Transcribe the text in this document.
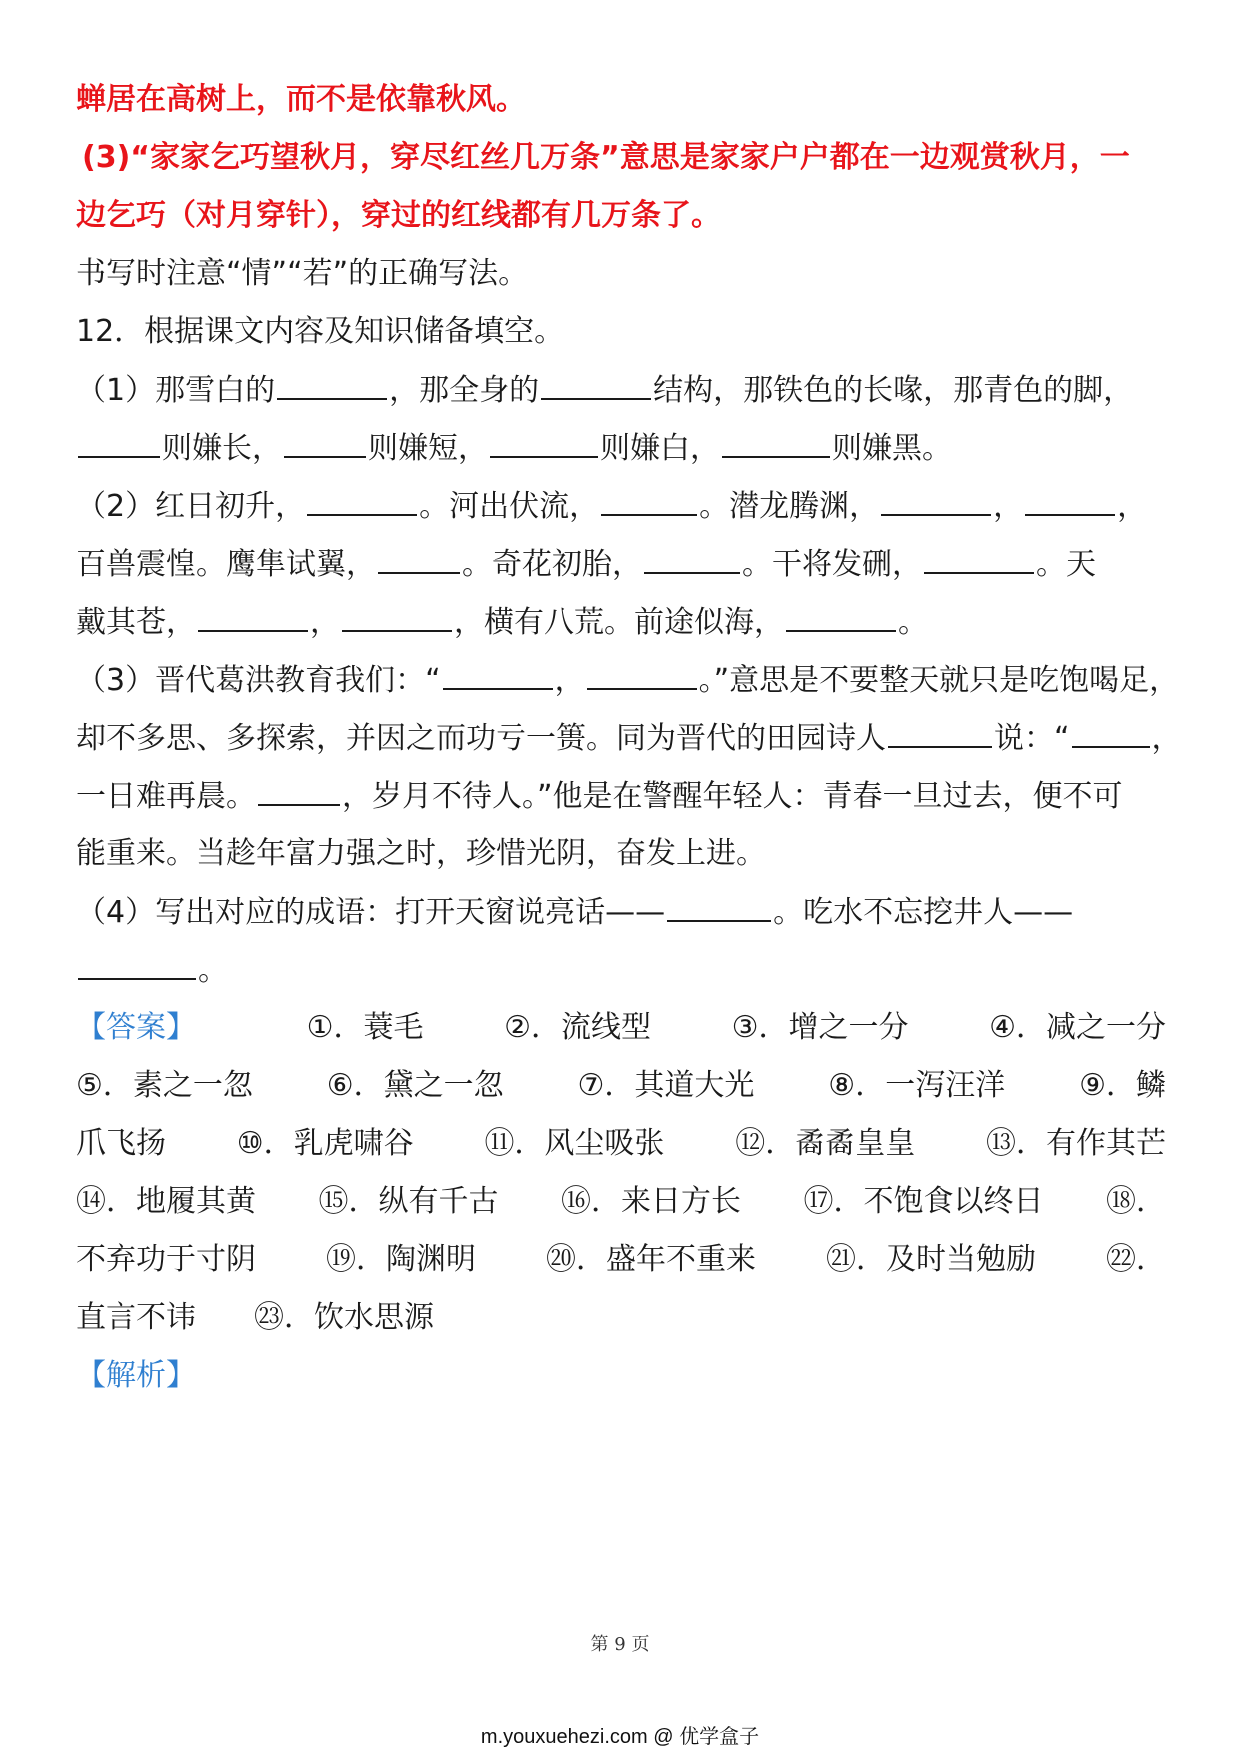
蝉居在高树上，而不是依靠秋风。
(3)“家家乞巧望秋月，穿尽红丝几万条”意思是家家户户都在一边观赏秋月，一
边乞巧（对月穿针），穿过的红线都有几万条了。
书写时注意“情”“若”的正确写法。
12．根据课文内容及知识储备填空。
（1）那雪白的	，那全身的	结构，那铁色的长喙，那青色的脚，
则嫌长，	则嫌短，	则嫌白，	则嫌黑。
（2）红日初升，	。河出伏流，	。潜龙腾渊，	，	，
百兽震惶。鹰隼试翼，	。奇花初胎，	。干将发硎，	。天
戴其苍，	，	，横有八荒。前途似海，	。
（3）晋代葛洪教育我们：“	，	。”意思是不要整天就只是吃饱喝足，
却不多思、多探索，并因之而功亏一篑。同为晋代的田园诗人	说：“	，
一日难再晨。	，岁月不待人。”他是在警醒年轻人：青春一旦过去，便不可
能重来。当趁年富力强之时，珍惜光阴，奋发上进。
（4）写出对应的成语：打开天窗说亮话——	。吃水不忘挖井人——
。
【答案】	①．蓑毛	②．流线型	③．增之一分	④．减之一分
⑤．素之一忽 ⑥．黛之一忽 ⑦．其道大光 ⑧．一泻汪洋 ⑨．鳞
爪飞扬 ⑩．乳虎啸谷 ⑪．风尘吸张 ⑫．矞矞皇皇 ⑬．有作其芒
⑭．地履其黄 ⑮．纵有千古 ⑯．来日方长 ⑰．不饱食以终日 ⑱．
不弃功于寸阴 ⑲．陶渊明 ⑳．盛年不重来 ㉑．及时当勉励 ㉒．
直言不讳 ㉓．饮水思源
【解析】
第 9 页
m.youxuehezi.com @ 优学盒子
